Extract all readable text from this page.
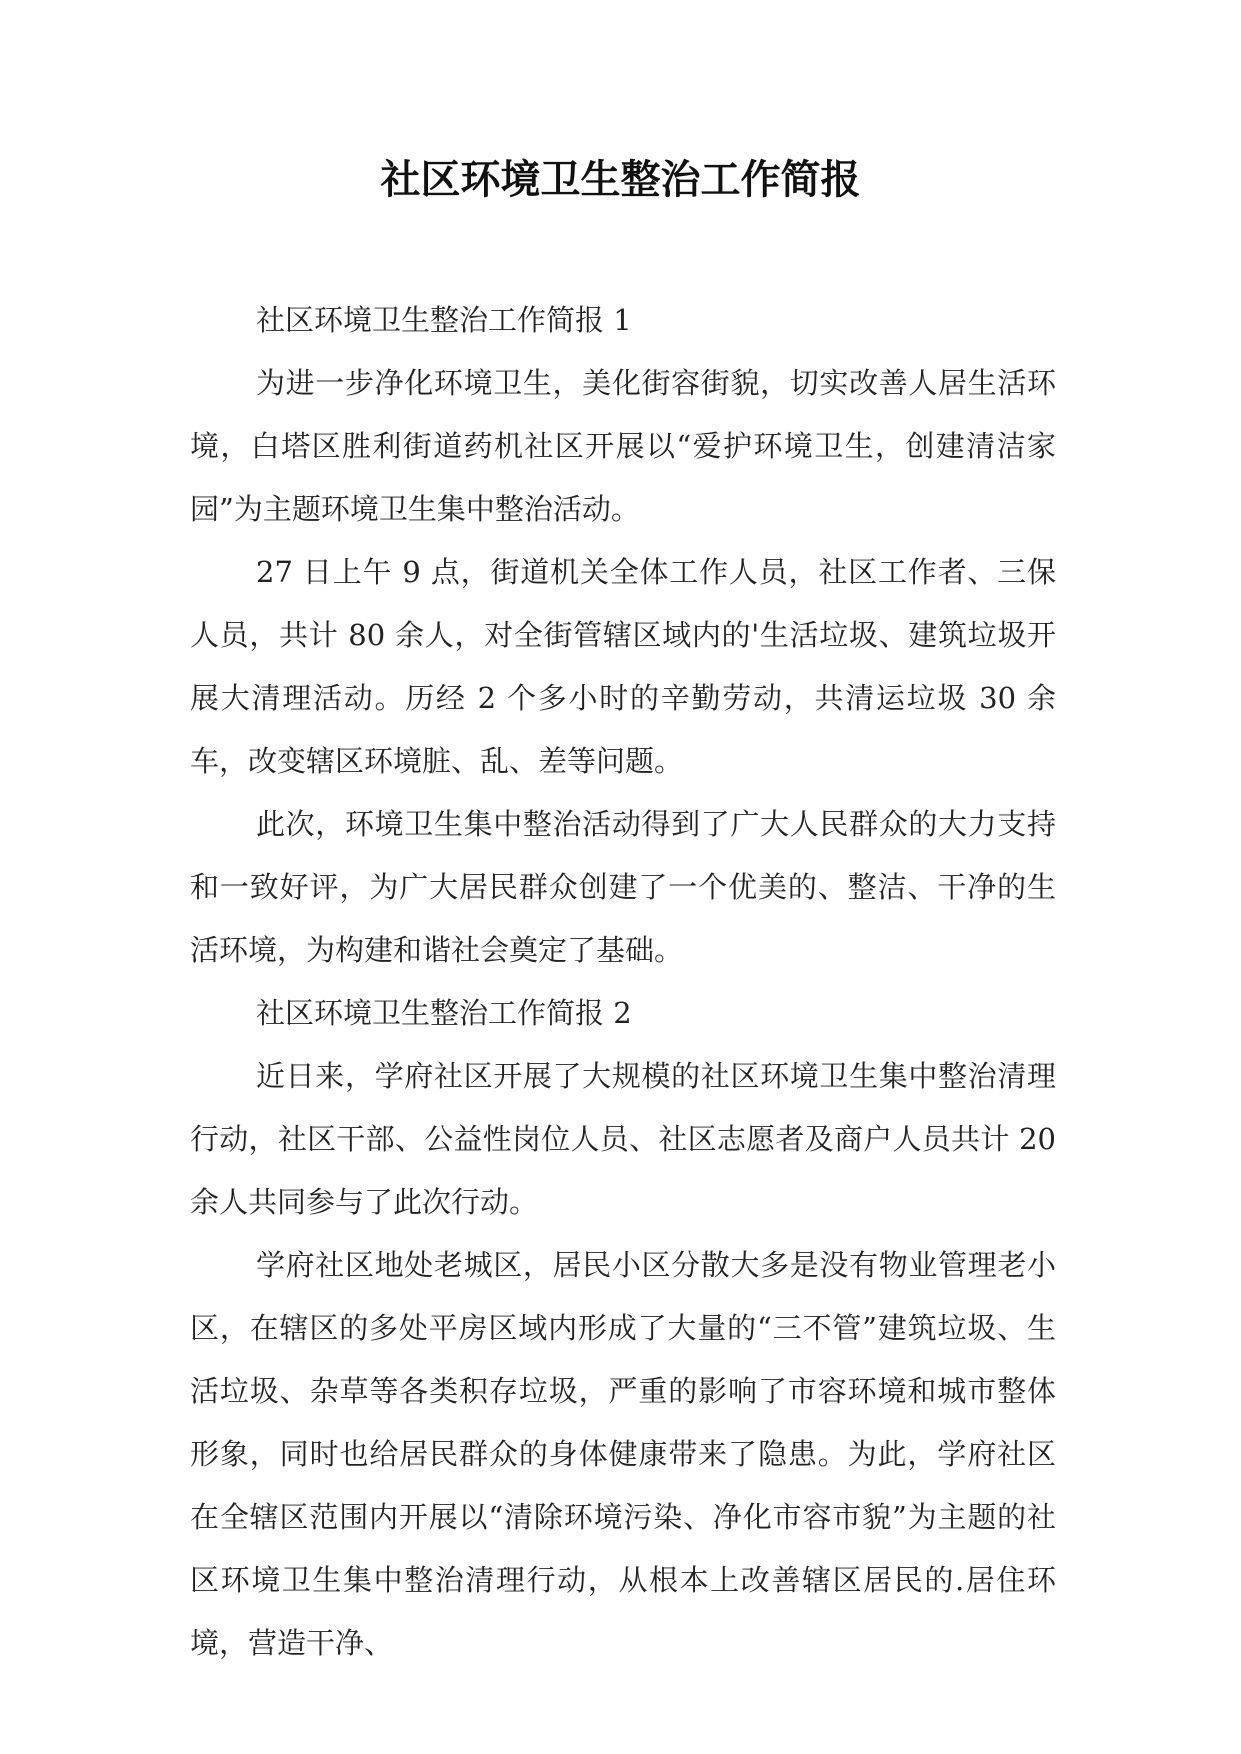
社区环境卫生整治工作简报

社区环境卫生整治工作简报 1

为进一步净化环境卫生，美化街容街貌，切实改善人居生活环境，白塔区胜利街道药机社区开展以“爱护环境卫生，创建清洁家园”为主题环境卫生集中整治活动。

27 日上午 9 点，街道机关全体工作人员，社区工作者、三保人员，共计 80 余人，对全街管辖区域内的'生活垃圾、建筑垃圾开展大清理活动。历经 2 个多小时的辛勤劳动，共清运垃圾 30 余车，改变辖区环境脏、乱、差等问题。

此次，环境卫生集中整治活动得到了广大人民群众的大力支持和一致好评，为广大居民群众创建了一个优美的、整洁、干净的生活环境，为构建和谐社会奠定了基础。

社区环境卫生整治工作简报 2

近日来，学府社区开展了大规模的社区环境卫生集中整治清理行动，社区干部、公益性岗位人员、社区志愿者及商户人员共计 20 余人共同参与了此次行动。

学府社区地处老城区，居民小区分散大多是没有物业管理老小区，在辖区的多处平房区域内形成了大量的“三不管”建筑垃圾、生活垃圾、杂草等各类积存垃圾，严重的影响了市容环境和城市整体形象，同时也给居民群众的身体健康带来了隐患。为此，学府社区在全辖区范围内开展以“清除环境污染、净化市容市貌”为主题的社区环境卫生集中整治清理行动，从根本上改善辖区居民的.居住环境，营造干净、
